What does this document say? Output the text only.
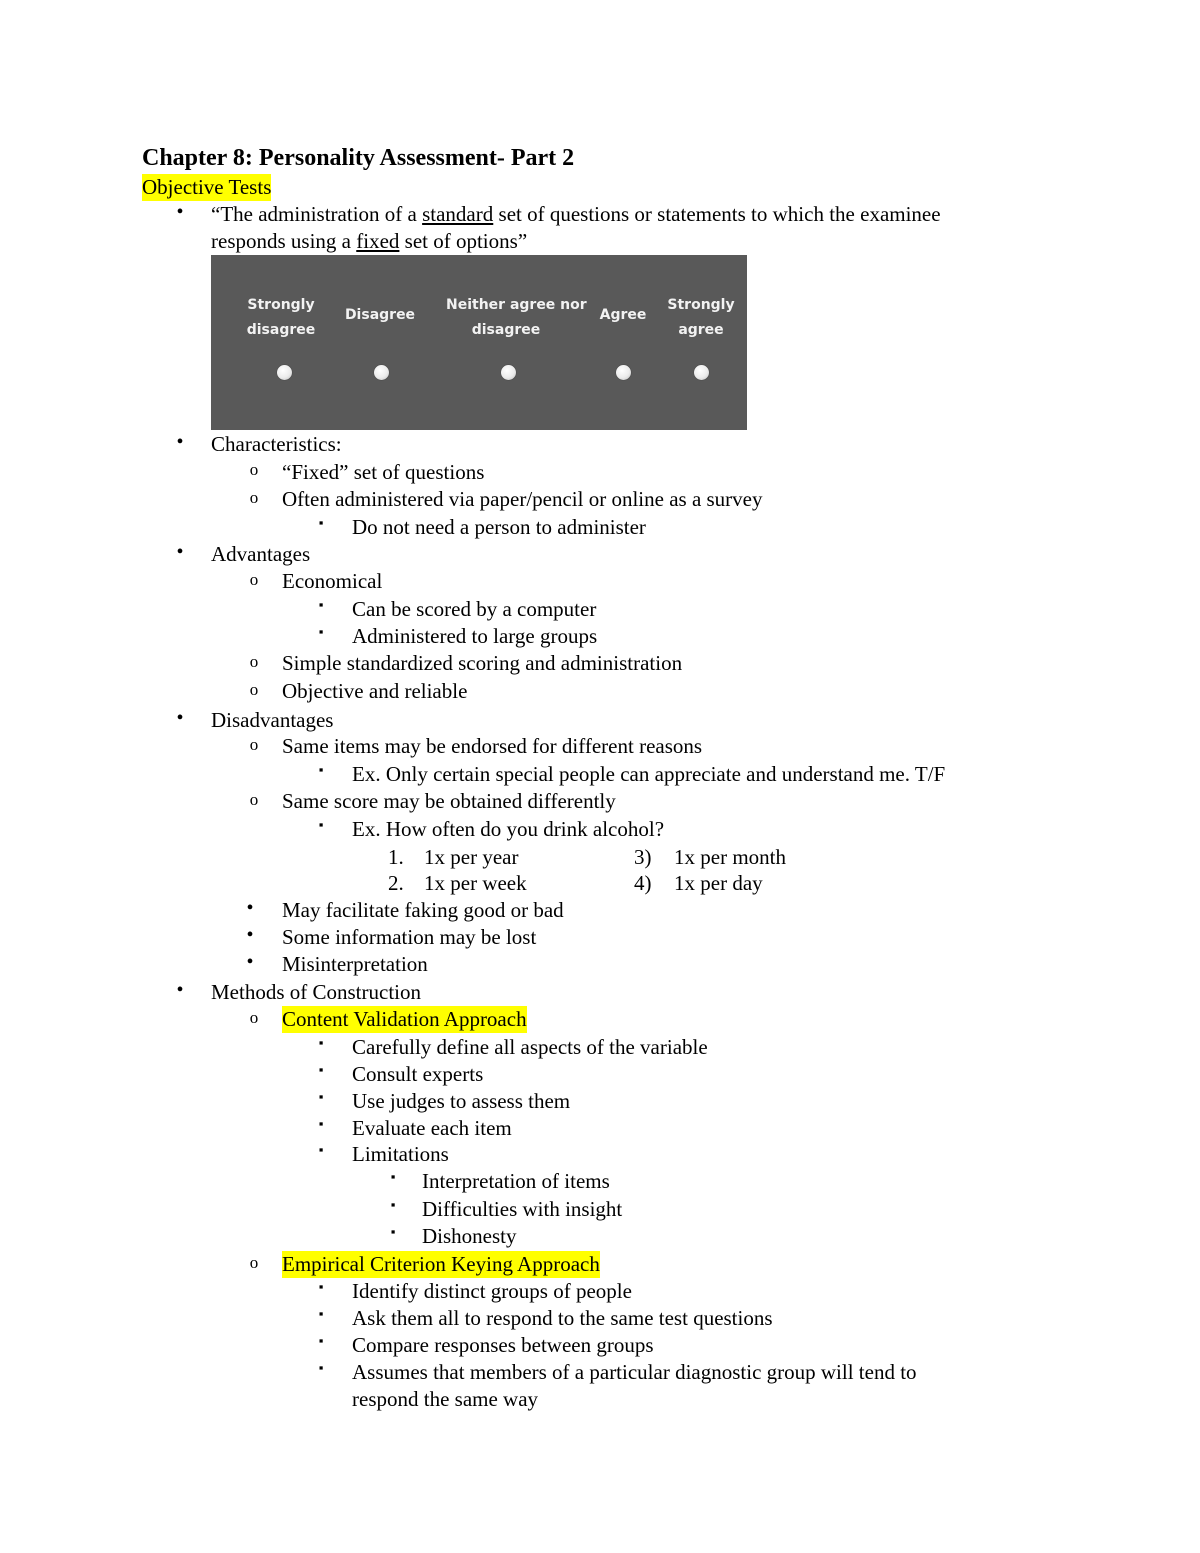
Chapter 8: Personality Assessment- Part 2
Objective Tests
•	“The administration of a standard set of questions or statements to which the examinee
responds using a fixed set of options”
Strongly
disagree
Disagree
Neither agree nor
disagree
Agree
Strongly
agree
•	Characteristics:
o “Fixed” set of questions
o Often administered via paper/pencil or online as a survey
▪	Do not need a person to administer
•	Advantages
o Economical
▪	Can be scored by a computer
▪	Administered to large groups
o Simple standardized scoring and administration
o Objective and reliable
•	Disadvantages
o Same items may be endorsed for different reasons
▪	Ex. Only certain special people can appreciate and understand me. T/F
o Same score may be obtained differently
▪	Ex. How often do you drink alcohol?
1. 1x per year	3) 1x per month
2. 1x per week	4) 1x per day
•	May facilitate faking good or bad
•	Some information may be lost
•	Misinterpretation
•	Methods of Construction
o Content Validation Approach
▪	Carefully define all aspects of the variable
▪	Consult experts
▪	Use judges to assess them
▪	Evaluate each item
▪	Limitations
▪	Interpretation of items
▪	Difficulties with insight
▪	Dishonesty
o Empirical Criterion Keying Approach
▪	Identify distinct groups of people
▪	Ask them all to respond to the same test questions
▪	Compare responses between groups
▪	Assumes that members of a particular diagnostic group will tend to
respond the same way
